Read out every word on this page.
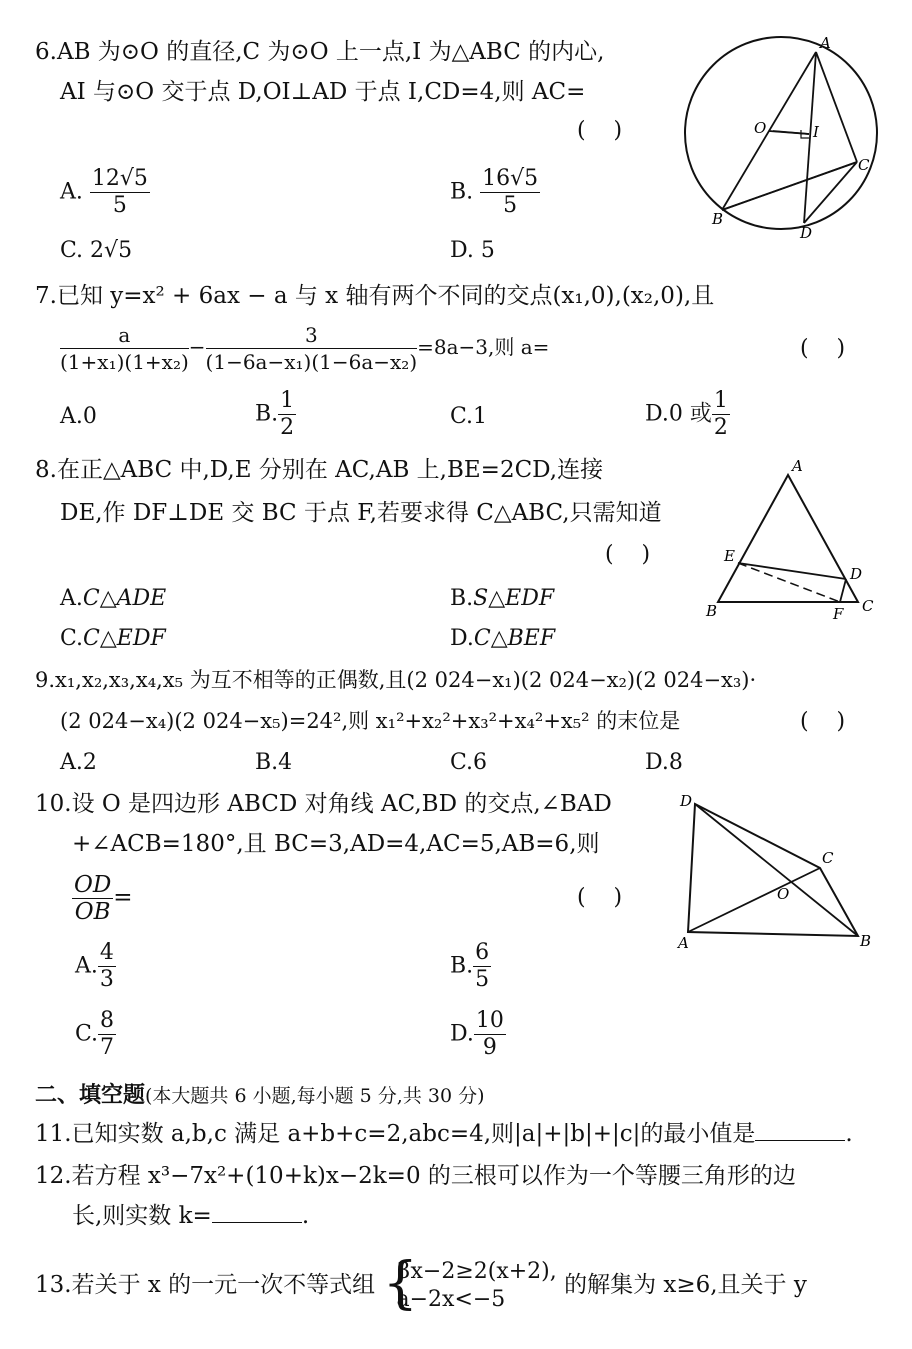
6.AB 为⊙O 的直径,C 为⊙O 上一点,I 为△ABC 的内心,
AI 与⊙O 交于点 D,OI⊥AD 于点 I,CD=4,则 AC=
(    )
A. $\frac{12√5}{5}$	B. $\frac{16√5}{5}$
C. 2√5	D. 5
A
O	I
C
B
D
7.已知 y=x² + 6ax − a 与 x 轴有两个不同的交点(x₁,0),(x₂,0),且
$\frac{a}{\text{(1+x₁)(1+x₂)}} - \frac{3}{\text{(1−6a−x₁)(1−6a−x₂)}} =8a-3$,则 a=	(    )
A.0	B. $\frac{1}{2}$	C.1	D.0 或 $\frac{1}{2}$
8.在正△ABC 中,D,E 分别在 AC,AB 上,BE=2CD,连接
DE,作 DF⊥DE 交 BC 于点 F,若要求得 C△ABC,只需知道
(    )
A.C△ADE	B.S△EDF
C.C△EDF	D.C△BEF
A
E
D
B	F C
9.x₁,x₂,x₃,x₄,x₅ 为互不相等的正偶数,且(2 024−x₁)(2 024−x₂)(2 024−x₃)·
(2 024−x₄)(2 024−x₅)=24²,则 x₁²+x₂²+x₃²+x₄²+x₅² 的末位是	(    )
A.2	B.4	C.6	D.8
10.设 O 是四边形 ABCD 对角线 AC,BD 的交点,∠BAD
+∠ACB=180°,且 BC=3,AD=4,AC=5,AB=6,则
$\frac{OD}{OB}$ =	(    )
A. $\frac{4}{3}$	B. $\frac{6}{5}$
C. $\frac{8}{7}$	D. $\frac{10}{9}$
D
C
O
A	B
二、填空题(本大题共 6 小题,每小题 5 分,共 30 分)
11.已知实数 a,b,c 满足 a+b+c=2,abc=4,则|a|+|b|+|c|的最小值是	.
12.若方程 x³−7x²+(10+k)x−2k=0 的三根可以作为一个等腰三角形的边
长,则实数 k=	.
13.若关于 x 的一元一次不等式组 {
3x−2≥2(x+2),
a−2x<−5
的解集为 x≥6,且关于 y
